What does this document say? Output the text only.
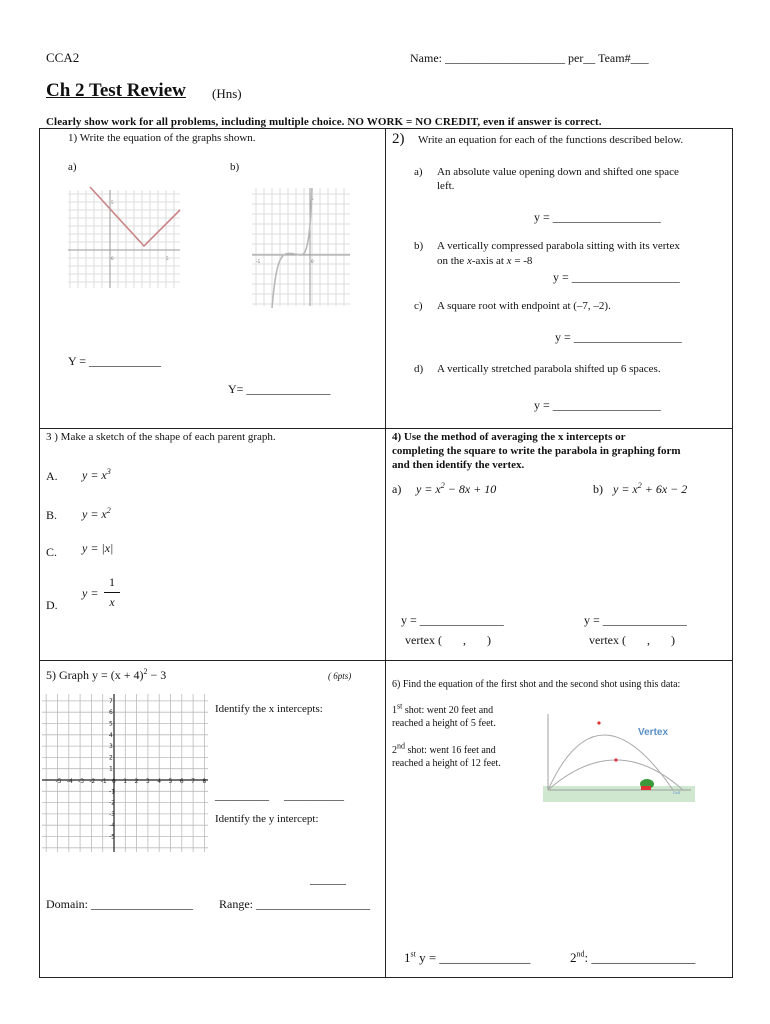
CCA2	Name: ____________________ per__ Team#___
Ch 2 Test Review (Hns)
Clearly show work for all problems, including multiple choice. NO WORK = NO CREDIT, even if answer is correct.
1) Write the equation of the graphs shown.
a)	b)
0	5
5
-5	0
5
Y = ____________
Y= ______________
2) Write an equation for each of the functions described below.
a) An absolute value opening down and shifted one space
left.
y = __________________
b) A vertically compressed parabola sitting with its vertex
on the x-axis at x = -8
y = __________________
c) A square root with endpoint at (–7, –2).
y = __________________
d) A vertically stretched parabola shifted up 6 spaces.
y = __________________
3 ) Make a sketch of the shape of each parent graph.
A. $y = x^3$
B. $y = x^2$
C. y = |x|
D.
y =
1
x
4) Use the method of averaging the x intercepts or
completing the square to write the parabola in graphing form
and then identify the vertex.
a) $y = x^2 - 8x + 10$	b) $y = x^2 + 6x - 2$
y = ______________	y = ______________
vertex (       ,       )	vertex (       ,       )
5) Graph $y = (x + 4)^2 - 3$	( 6pts)
-5 -4 -3 -2 -1 0 1 2 3 4 5 6 7 8
7
6
5
4
3
2
1
-1
-2
-3
-4
-5
Identify the x intercepts:
_________     __________
Identify the y intercept:
______
Domain: _________________ Range: ___________________
6) Find the equation of the first shot and the second shot using this data:
1st shot: went 20 feet and
reached a height of 5 feet.
2nd shot: went 16 feet and
reached a height of 12 feet.
Vertex
Golf
1st y = ______________	2nd: ________________
